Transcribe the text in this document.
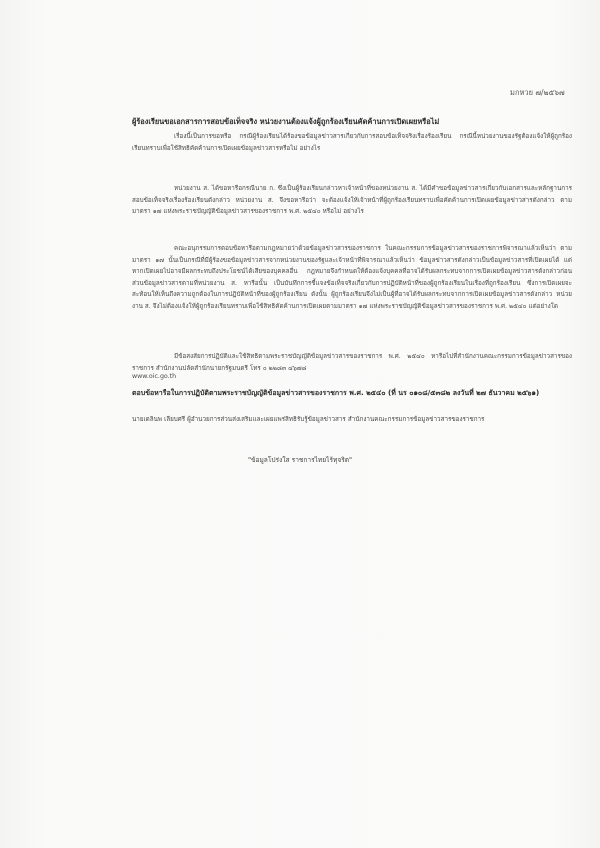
มกหวย ๗/๒๕๖๗
ผู้ร้องเรียนขอเอกสารการสอบข้อเท็จจริง หน่วยงานต้องแจ้งผู้ถูกร้องเรียนคัดค้านการเปิดเผยหรือไม่
เรื่องนี้เป็นการขอหรือ กรณีผู้ร้องเรียนได้ร้องขอข้อมูลข่าวสารเกี่ยวกับการสอบข้อเท็จจริงเรื่องร้องเรียน กรณีนี้หน่วยงานของรัฐต้องแจ้งให้ผู้ถูกร้องเรียนทราบเพื่อใช้สิทธิคัดค้านการเปิดเผยข้อมูลข่าวสารหรือไม่ อย่างไร
หน่วยงาน ส. ได้ขอหารือกรณีนาย ก. ซึ่งเป็นผู้ร้องเรียนกล่าวหาเจ้าหน้าที่ของหน่วยงาน ส. ได้มีคำขอข้อมูลข่าวสารเกี่ยวกับเอกสารและหลักฐานการสอบข้อเท็จจริงเรื่องร้องเรียนดังกล่าว หน่วยงาน ส. จึงขอหารือว่า จะต้องแจ้งให้เจ้าหน้าที่ผู้ถูกร้องเรียนทราบเพื่อคัดค้านการเปิดเผยข้อมูลข่าวสารดังกล่าว ตามมาตรา ๑๗ แห่งพระราชบัญญัติข้อมูลข่าวสารของราชการ พ.ศ. ๒๕๔๐ หรือไม่ อย่างไร
คณะอนุกรรมการตอบข้อหารือตามกฎหมายว่าด้วยข้อมูลข่าวสารของราชการ ในคณะกรรมการข้อมูลข่าวสารของราชการพิจารณาแล้วเห็นว่า ตามมาตรา ๑๗ นั้นเป็นกรณีที่มีผู้ร้องขอข้อมูลข่าวสารจากหน่วยงานของรัฐและเจ้าหน้าที่พิจารณาแล้วเห็นว่า ข้อมูลข่าวสารดังกล่าวเป็นข้อมูลข่าวสารที่เปิดเผยได้ แต่หากเปิดเผยไปอาจมีผลกระทบถึงประโยชน์ได้เสียของบุคคลอื่น กฎหมายจึงกำหนดให้ต้องแจ้งบุคคลที่อาจได้รับผลกระทบจากการเปิดเผยข้อมูลข่าวสารดังกล่าวก่อน ส่วนข้อมูลข่าวสารตามที่หน่วยงาน ส. หารือนั้น เป็นบันทึกการชี้แจงข้อเท็จจริงเกี่ยวกับการปฏิบัติหน้าที่ของผู้ถูกร้องเรียนในเรื่องที่ถูกร้องเรียน ซึ่งการเปิดเผยจะสะท้อนให้เห็นถึงความถูกต้องในการปฏิบัติหน้าที่ของผู้ถูกร้องเรียน ดังนั้น ผู้ถูกร้องเรียนจึงไม่เป็นผู้ที่อาจได้รับผลกระทบจากการเปิดเผยข้อมูลข่าวสารดังกล่าว หน่วยงาน ส. จึงไม่ต้องแจ้งให้ผู้ถูกร้องเรียนทราบเพื่อใช้สิทธิคัดค้านการเปิดเผยตามมาตรา ๑๗ แห่งพระราชบัญญัติข้อมูลข่าวสารของราชการ พ.ศ. ๒๕๔๐ แต่อย่างใด
มีข้อสงสัยการปฏิบัติและใช้สิทธิตามพระราชบัญญัติข้อมูลข่าวสารของราชการ พ.ศ. ๒๕๔๐ หารือไปที่สำนักงานคณะกรรมการข้อมูลข่าวสารของราชการ สำนักงานปลัดสำนักนายกรัฐมนตรี โทร ๐ ๒๒๘๓ ๔๖๗๘
www.oic.go.th
ตอบข้อหารือในการปฏิบัติตามพระราชบัญญัติข้อมูลข่าวสารของราชการ พ.ศ. ๒๕๔๐ (ที่ นร ๐๑๐๘/๕๓๘๒ ลงวันที่ ๒๗ ธันวาคม ๒๕๖๑)
นายเดลินพ เลียบศรี ผู้อำนวยการส่วนส่งเสริมและเผยแพร่สิทธิรับรู้ข้อมูลข่าวสาร สำนักงานคณะกรรมการข้อมูลข่าวสารของราชการ
"ข้อมูลโปร่งใส ราชการไทยไร้ทุจริต"
